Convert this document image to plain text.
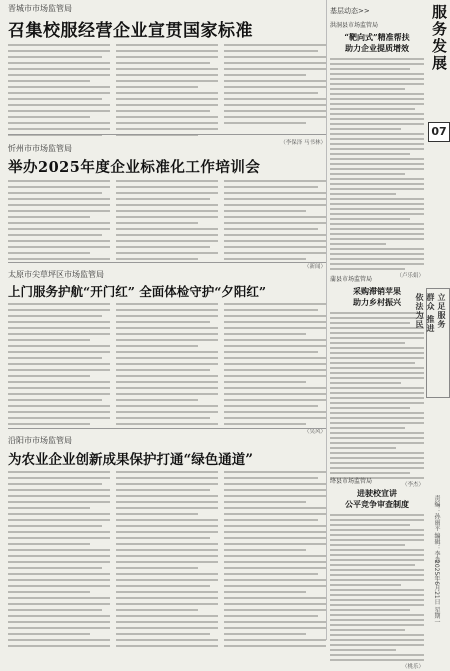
晋城市市场监管局

召集校服经营企业宣贯国家标准

（李保泽 马书林）

忻州市市场监管局

举办2025年度企业标准化工作培训会

（新闻）

太原市尖草坪区市场监管局

上门服务护航“开门红” 全面体检守护“夕阳红”

（吴风）

沿阳市市场监管局

为农业企业创新成果保护打通“绿色通道”

基层动态>>

洪洞县市场监管局

“靶向式”精准帮扶

助力企业提质增效

（卢乐娟）

蒲县市场监管局

采购滞销苹果

助力乡村振兴

（李杰）

绛县市场监管局

进驶校宣讲

公平竞争审查制度

（桃乐）

服务发展
07
立足服务
群众 推进
依法为民
责编：孙丽平 编辑：李淼
2025年6月21日 星期一
